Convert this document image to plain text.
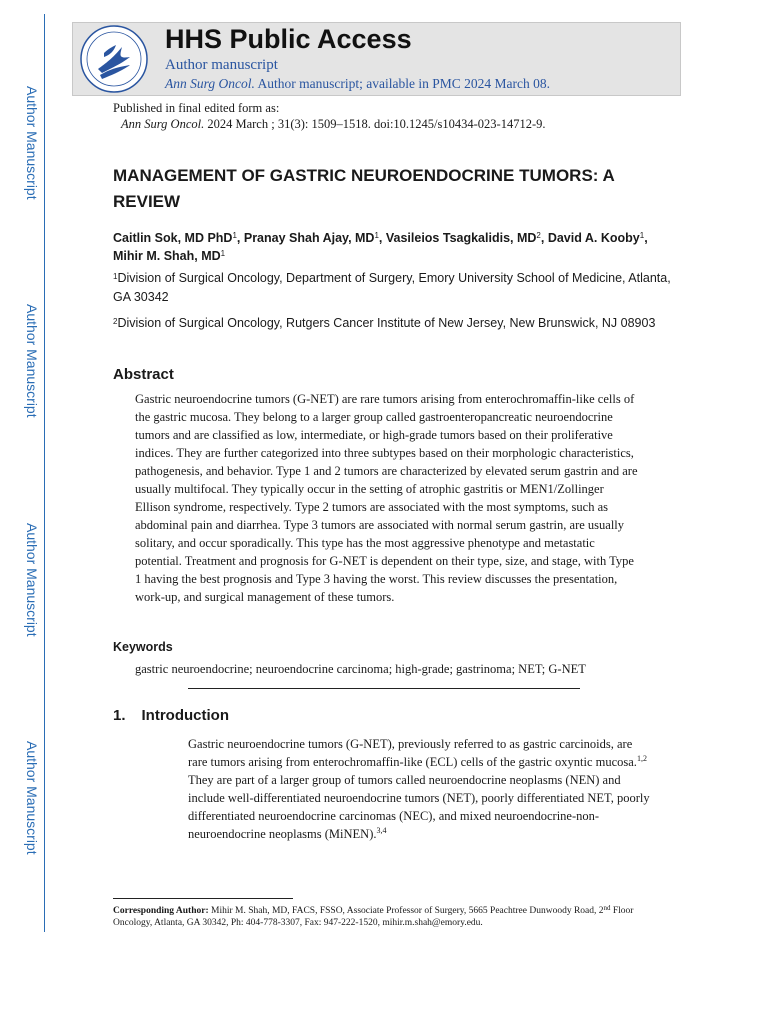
Author Manuscript
Author Manuscript
Author Manuscript
Author Manuscript
HHS Public Access
Author manuscript
Ann Surg Oncol. Author manuscript; available in PMC 2024 March 08.
Published in final edited form as:
Ann Surg Oncol. 2024 March ; 31(3): 1509–1518. doi:10.1245/s10434-023-14712-9.
MANAGEMENT OF GASTRIC NEUROENDOCRINE TUMORS: A REVIEW
Caitlin Sok, MD PhD$^1$, Pranay Shah Ajay, $MD^1$, Vasileios Tsagkalidis, $MD^2$, David A. Kooby$^1$, Mihir M. Shah, $MD^1$
$^1$Division of Surgical Oncology, Department of Surgery, Emory University School of Medicine, Atlanta, GA 30342
$^2$Division of Surgical Oncology, Rutgers Cancer Institute of New Jersey, New Brunswick, NJ 08903
Abstract
Gastric neuroendocrine tumors (G-NET) are rare tumors arising from enterochromaffin-like cells of the gastric mucosa. They belong to a larger group called gastroenteropancreatic neuroendocrine tumors and are classified as low, intermediate, or high-grade tumors based on their proliferative indices. They are further categorized into three subtypes based on their morphologic characteristics, pathogenesis, and behavior. Type 1 and 2 tumors are characterized by elevated serum gastrin and are usually multifocal. They typically occur in the setting of atrophic gastritis or MEN1/Zollinger Ellison syndrome, respectively. Type 2 tumors are associated with the most symptoms, such as abdominal pain and diarrhea. Type 3 tumors are associated with normal serum gastrin, are usually solitary, and occur sporadically. This type has the most aggressive phenotype and metastatic potential. Treatment and prognosis for G-NET is dependent on their type, size, and stage, with Type 1 having the best prognosis and Type 3 having the worst. This review discusses the presentation, work-up, and surgical management of these tumors.
Keywords
gastric neuroendocrine; neuroendocrine carcinoma; high-grade; gastrinoma; NET; G-NET
1. Introduction
Gastric neuroendocrine tumors (G-NET), previously referred to as gastric carcinoids, are rare tumors arising from enterochromaffin-like (ECL) cells of the gastric oxyntic mucosa.$^{1,2}$ They are part of a larger group of tumors called neuroendocrine neoplasms (NEN) and include well-differentiated neuroendocrine tumors (NET), poorly differentiated NET, poorly differentiated neuroendocrine carcinomas (NEC), and mixed neuroendocrine-non-neuroendocrine neoplasms (MiNEN).$^{3,4}$
Corresponding Author: Mihir M. Shah, MD, FACS, FSSO, Associate Professor of Surgery, 5665 Peachtree Dunwoody Road, 2nd Floor Oncology, Atlanta, GA 30342, Ph: 404-778-3307, Fax: 947-222-1520, mihir.m.shah@emory.edu.
